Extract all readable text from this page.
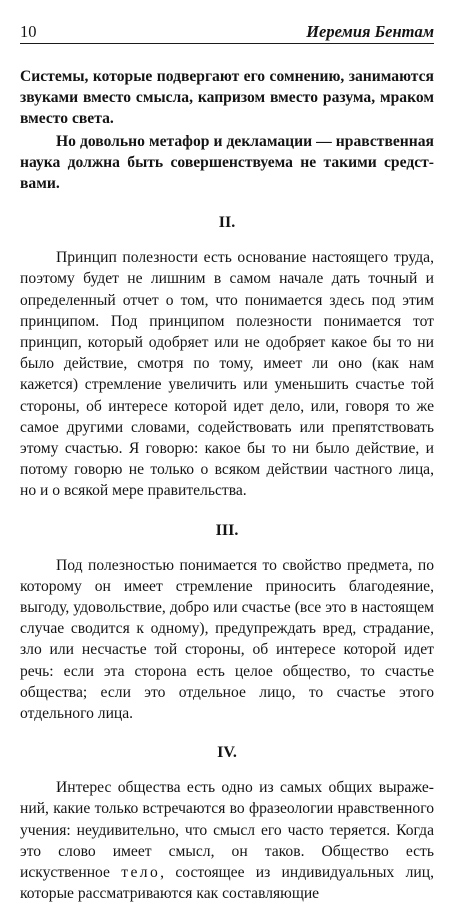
10	Иеремия Бентам

Системы, которые подвергают его сомнению, занимаются звуками вместо смысла, капризом вместо разума, мраком вместо света.

Но довольно метафор и декламации — нравственная наука должна быть совершенствуема не такими средствами.

II.

Принцип полезности есть основание настоящего труда, поэтому будет не лишним в самом начале дать точный и определенный отчет о том, что понимается здесь под этим принципом. Под принципом полезности понимается тот принцип, который одобряет или не одобряет какое бы то ни было действие, смотря по тому, имеет ли оно (как нам кажется) стремление увеличить или уменьшить счастье той стороны, об интересе которой идет дело, или, говоря то же самое другими словами, содействовать или препятствовать этому счастью. Я говорю: какое бы то ни было действие, и потому говорю не только о всяком действии частного лица, но и о всякой мере правительства.

III.

Под полезностью понимается то свойство предмета, по которому он имеет стремление приносить благодеяние, выгоду, удовольствие, добро или счастье (все это в настоящем случае сводится к одному), предупреждать вред, страдание, зло или несчастье той стороны, об интересе которой идет речь: если эта сторона есть целое общество, то счастье общества; если это отдельное лицо, то счастье этого отдельного лица.

IV.

Интерес общества есть одно из самых общих выражений, какие только встречаются во фразеологии нравственного учения: неудивительно, что смысл его часто теряется. Когда это слово имеет смысл, он таков. Общество есть искуственное тело, состоящее из индивидуальных лиц, которые рассматриваются как составляющие
